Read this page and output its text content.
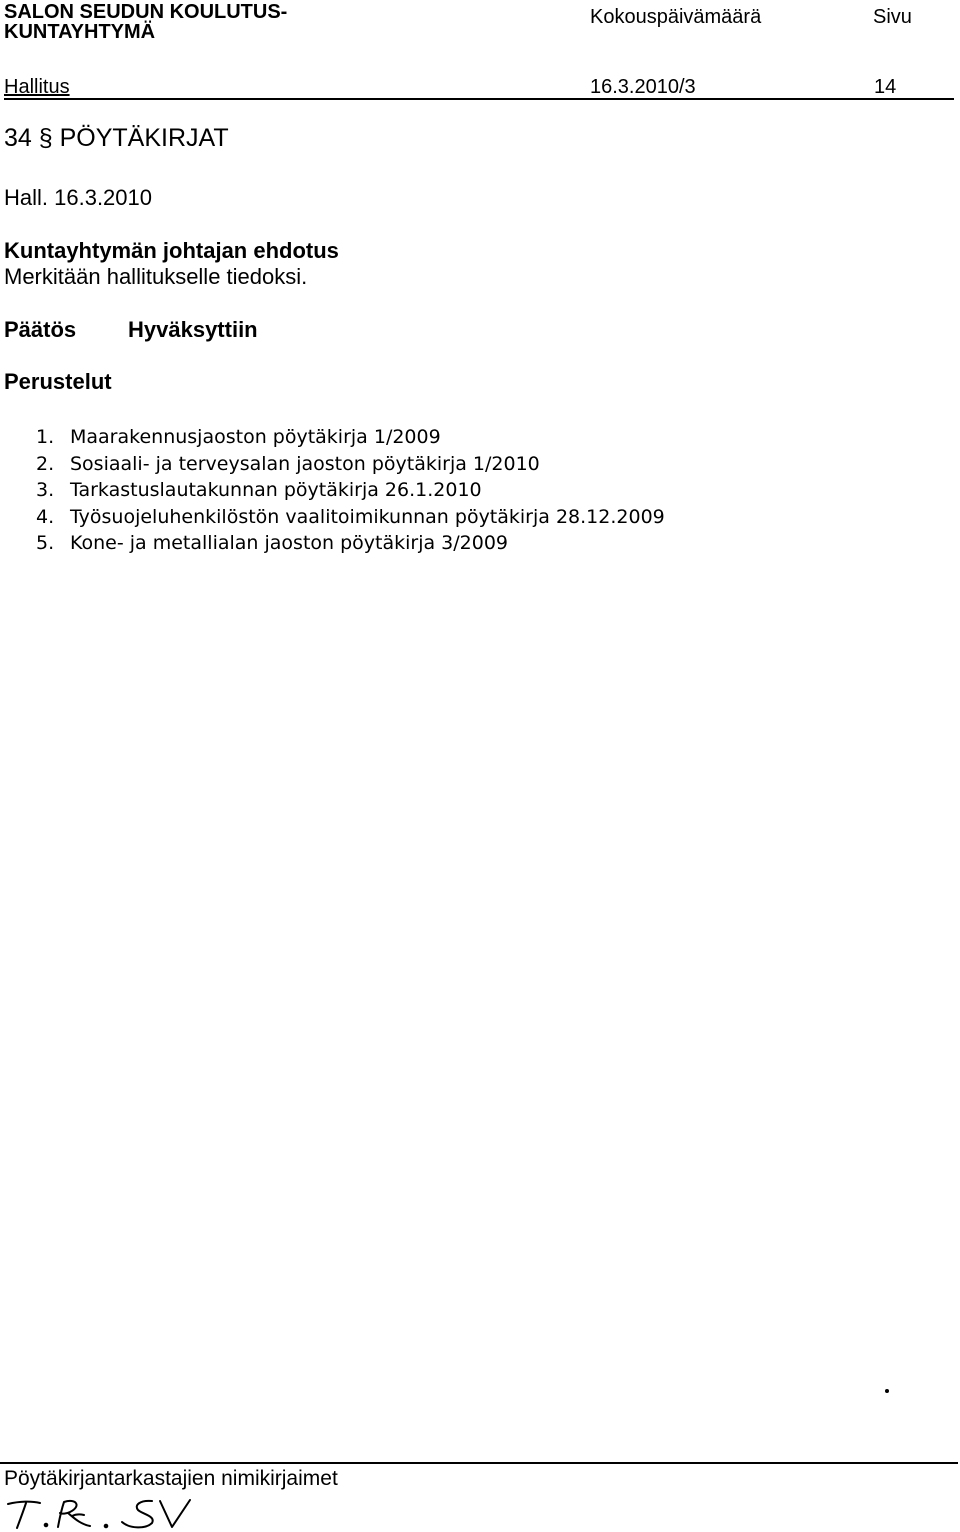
SALON SEUDUN KOULUTUS-
KUNTAYHTYMÄ
Kokouspäivämäärä	Sivu
Hallitus	16.3.2010/3	14
34 § PÖYTÄKIRJAT
Hall. 16.3.2010
Kuntayhtymän johtajan ehdotus
Merkitään hallitukselle tiedoksi.
Päätös Hyväksyttiin
Perustelut
1. Maarakennusjaoston pöytäkirja 1/2009
2. Sosiaali- ja terveysalan jaoston pöytäkirja 1/2010
3. Tarkastuslautakunnan pöytäkirja 26.1.2010
4. Työsuojeluhenkilöstön vaalitoimikunnan pöytäkirja 28.12.2009
5. Kone- ja metallialan jaoston pöytäkirja 3/2009
Pöytäkirjantarkastajien nimikirjaimet
